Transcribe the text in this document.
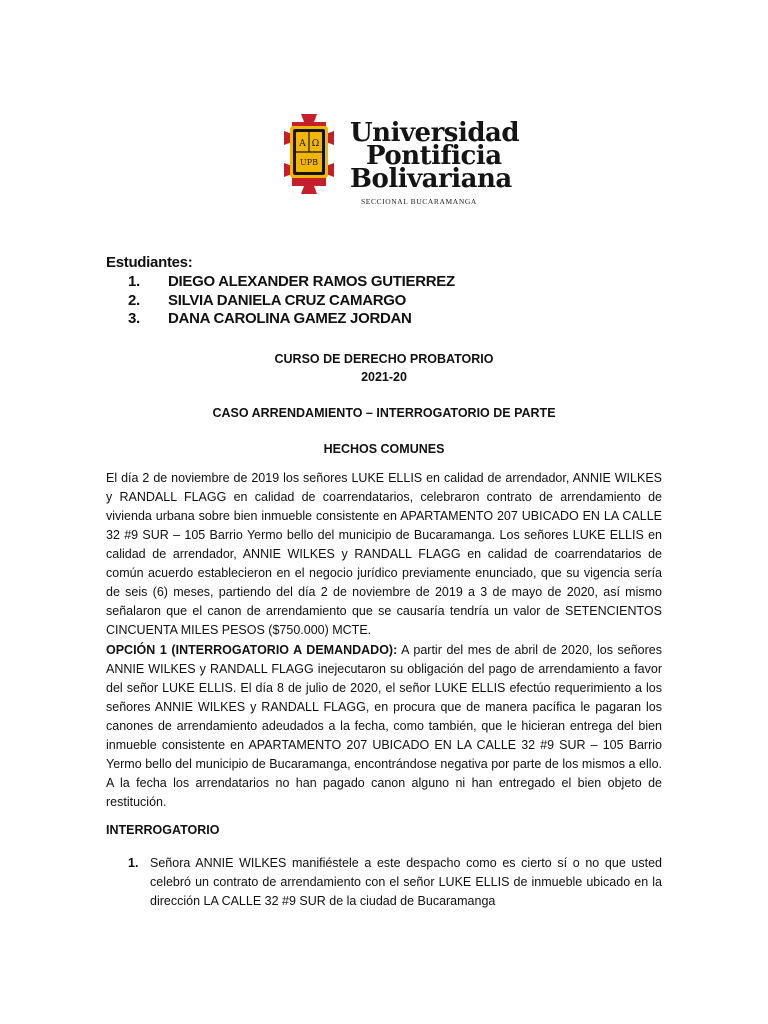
A Ω
UPB
Universidad
Pontificia
Bolivariana
SECCIONAL BUCARAMANGA
Estudiantes:
1.	DIEGO ALEXANDER RAMOS GUTIERREZ
2.	SILVIA DANIELA CRUZ CAMARGO
3.	DANA CAROLINA GAMEZ JORDAN
CURSO DE DERECHO PROBATORIO
2021-20
CASO ARRENDAMIENTO – INTERROGATORIO DE PARTE
HECHOS COMUNES
El día 2 de noviembre de 2019 los señores LUKE ELLIS en calidad de arrendador, ANNIE WILKES y RANDALL FLAGG en calidad de coarrendatarios, celebraron contrato de arrendamiento de vivienda urbana sobre bien inmueble consistente en APARTAMENTO 207 UBICADO EN LA CALLE 32 #9 SUR – 105 Barrio Yermo bello del municipio de Bucaramanga. Los señores LUKE ELLIS en calidad de arrendador, ANNIE WILKES y RANDALL FLAGG en calidad de coarrendatarios de común acuerdo establecieron en el negocio jurídico previamente enunciado, que su vigencia sería de seis (6) meses, partiendo del día 2 de noviembre de 2019 a 3 de mayo de 2020, así mismo señalaron que el canon de arrendamiento que se causaría tendría un valor de SETENCIENTOS CINCUENTA MILES PESOS ($750.000) MCTE.
OPCIÓN 1 (INTERROGATORIO A DEMANDADO): A partir del mes de abril de 2020, los señores ANNIE WILKES y RANDALL FLAGG inejecutaron su obligación del pago de arrendamiento a favor del señor LUKE ELLIS. El día 8 de julio de 2020, el señor LUKE ELLIS efectúo requerimiento a los señores ANNIE WILKES y RANDALL FLAGG, en procura que de manera pacífica le pagaran los canones de arrendamiento adeudados a la fecha, como también, que le hicieran entrega del bien inmueble consistente en APARTAMENTO 207 UBICADO EN LA CALLE 32 #9 SUR – 105 Barrio Yermo bello del municipio de Bucaramanga, encontrándose negativa por parte de los mismos a ello. A la fecha los arrendatarios no han pagado canon alguno ni han entregado el bien objeto de restitución.
INTERROGATORIO
1. Señora ANNIE WILKES manifiéstele a este despacho como es cierto sí o no que usted celebró un contrato de arrendamiento con el señor LUKE ELLIS de inmueble ubicado en la dirección LA CALLE 32 #9 SUR de la ciudad de Bucaramanga
